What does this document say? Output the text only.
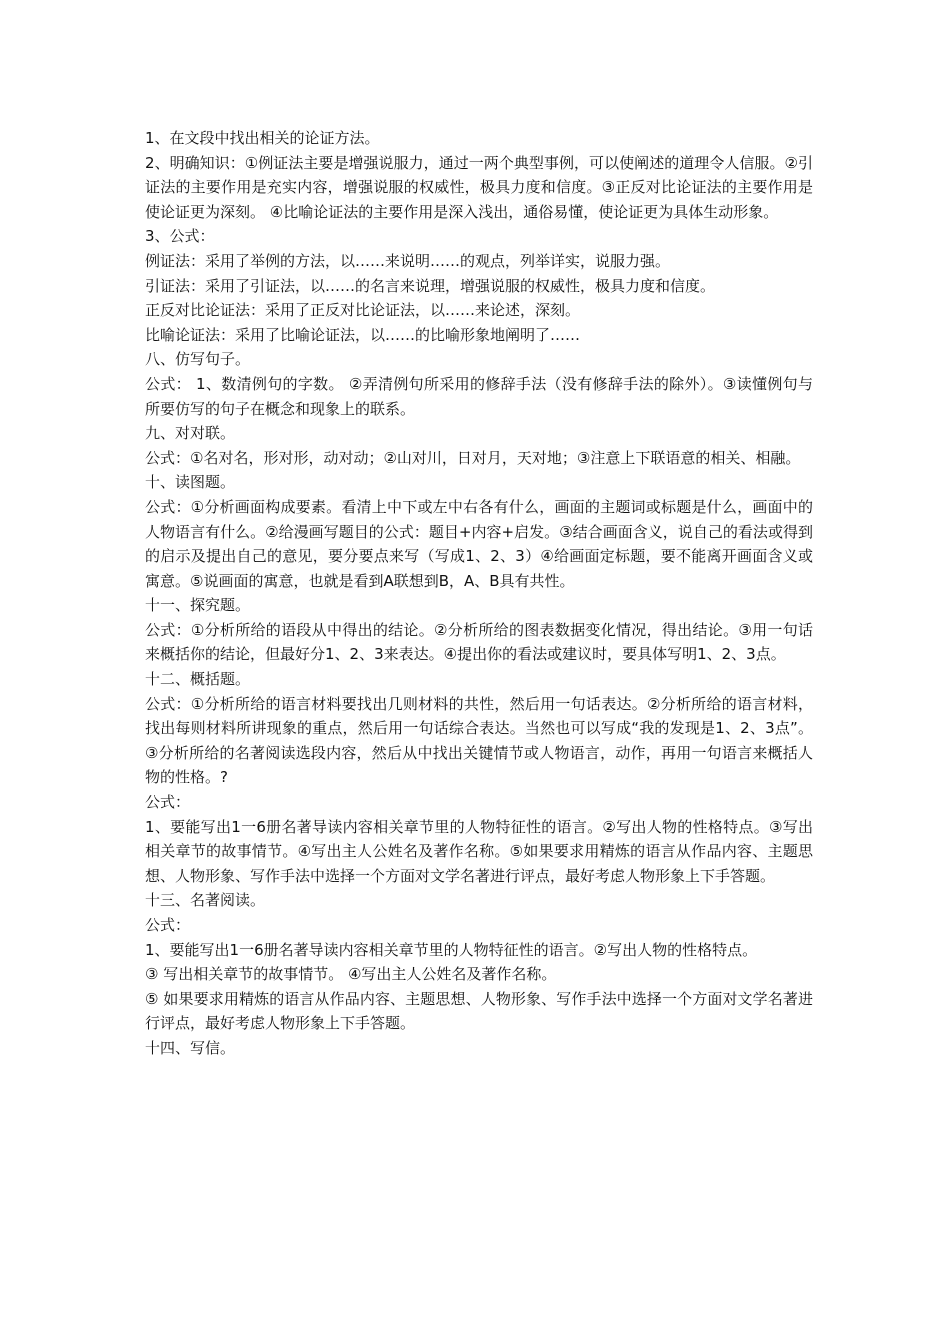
1、在文段中找出相关的论证方法。

2、明确知识：①例证法主要是增强说服力，通过一两个典型事例，可以使阐述的道理令人信服。②引证法的主要作用是充实内容，增强说服的权威性，极具力度和信度。③正反对比论证法的主要作用是使论证更为深刻。 ④比喻论证法的主要作用是深入浅出，通俗易懂，使论证更为具体生动形象。

3、公式：

例证法：采用了举例的方法，以……来说明……的观点，列举详实，说服力强。

引证法：采用了引证法，以……的名言来说理，增强说服的权威性，极具力度和信度。

正反对比论证法：采用了正反对比论证法，以……来论述，深刻。

比喻论证法：采用了比喻论证法，以……的比喻形象地阐明了……

八、仿写句子。

公式： 1、数清例句的字数。 ②弄清例句所采用的修辞手法（没有修辞手法的除外）。③读懂例句与所要仿写的句子在概念和现象上的联系。

九、对对联。

公式：①名对名，形对形，动对动；②山对川，日对月，天对地；③注意上下联语意的相关、相融。

十、读图题。

公式：①分析画面构成要素。看清上中下或左中右各有什么，画面的主题词或标题是什么，画面中的人物语言有什么。②给漫画写题目的公式：题目+内容+启发。③结合画面含义，说自己的看法或得到的启示及提出自己的意见，要分要点来写（写成1、2、3）④给画面定标题，要不能离开画面含义或寓意。⑤说画面的寓意，也就是看到A联想到B，A、B具有共性。

十一、探究题。

公式：①分析所给的语段从中得出的结论。②分析所给的图表数据变化情况，得出结论。③用一句话来概括你的结论，但最好分1、2、3来表达。④提出你的看法或建议时，要具体写明1、2、3点。

十二、概括题。

公式：①分析所给的语言材料要找出几则材料的共性，然后用一句话表达。②分析所给的语言材料，找出每则材料所讲现象的重点，然后用一句话综合表达。当然也可以写成“我的发现是1、2、3点”。③分析所给的名著阅读选段内容，然后从中找出关键情节或人物语言，动作，再用一句语言来概括人物的性格。?

公式：

1、要能写出1一6册名著导读内容相关章节里的人物特征性的语言。②写出人物的性格特点。③写出相关章节的故事情节。④写出主人公姓名及著作名称。⑤如果要求用精炼的语言从作品内容、主题思想、人物形象、写作手法中选择一个方面对文学名著进行评点，最好考虑人物形象上下手答题。

十三、名著阅读。

公式：

1、要能写出1一6册名著导读内容相关章节里的人物特征性的语言。②写出人物的性格特点。

③ 写出相关章节的故事情节。 ④写出主人公姓名及著作名称。

⑤ 如果要求用精炼的语言从作品内容、主题思想、人物形象、写作手法中选择一个方面对文学名著进行评点，最好考虑人物形象上下手答题。

十四、写信。
